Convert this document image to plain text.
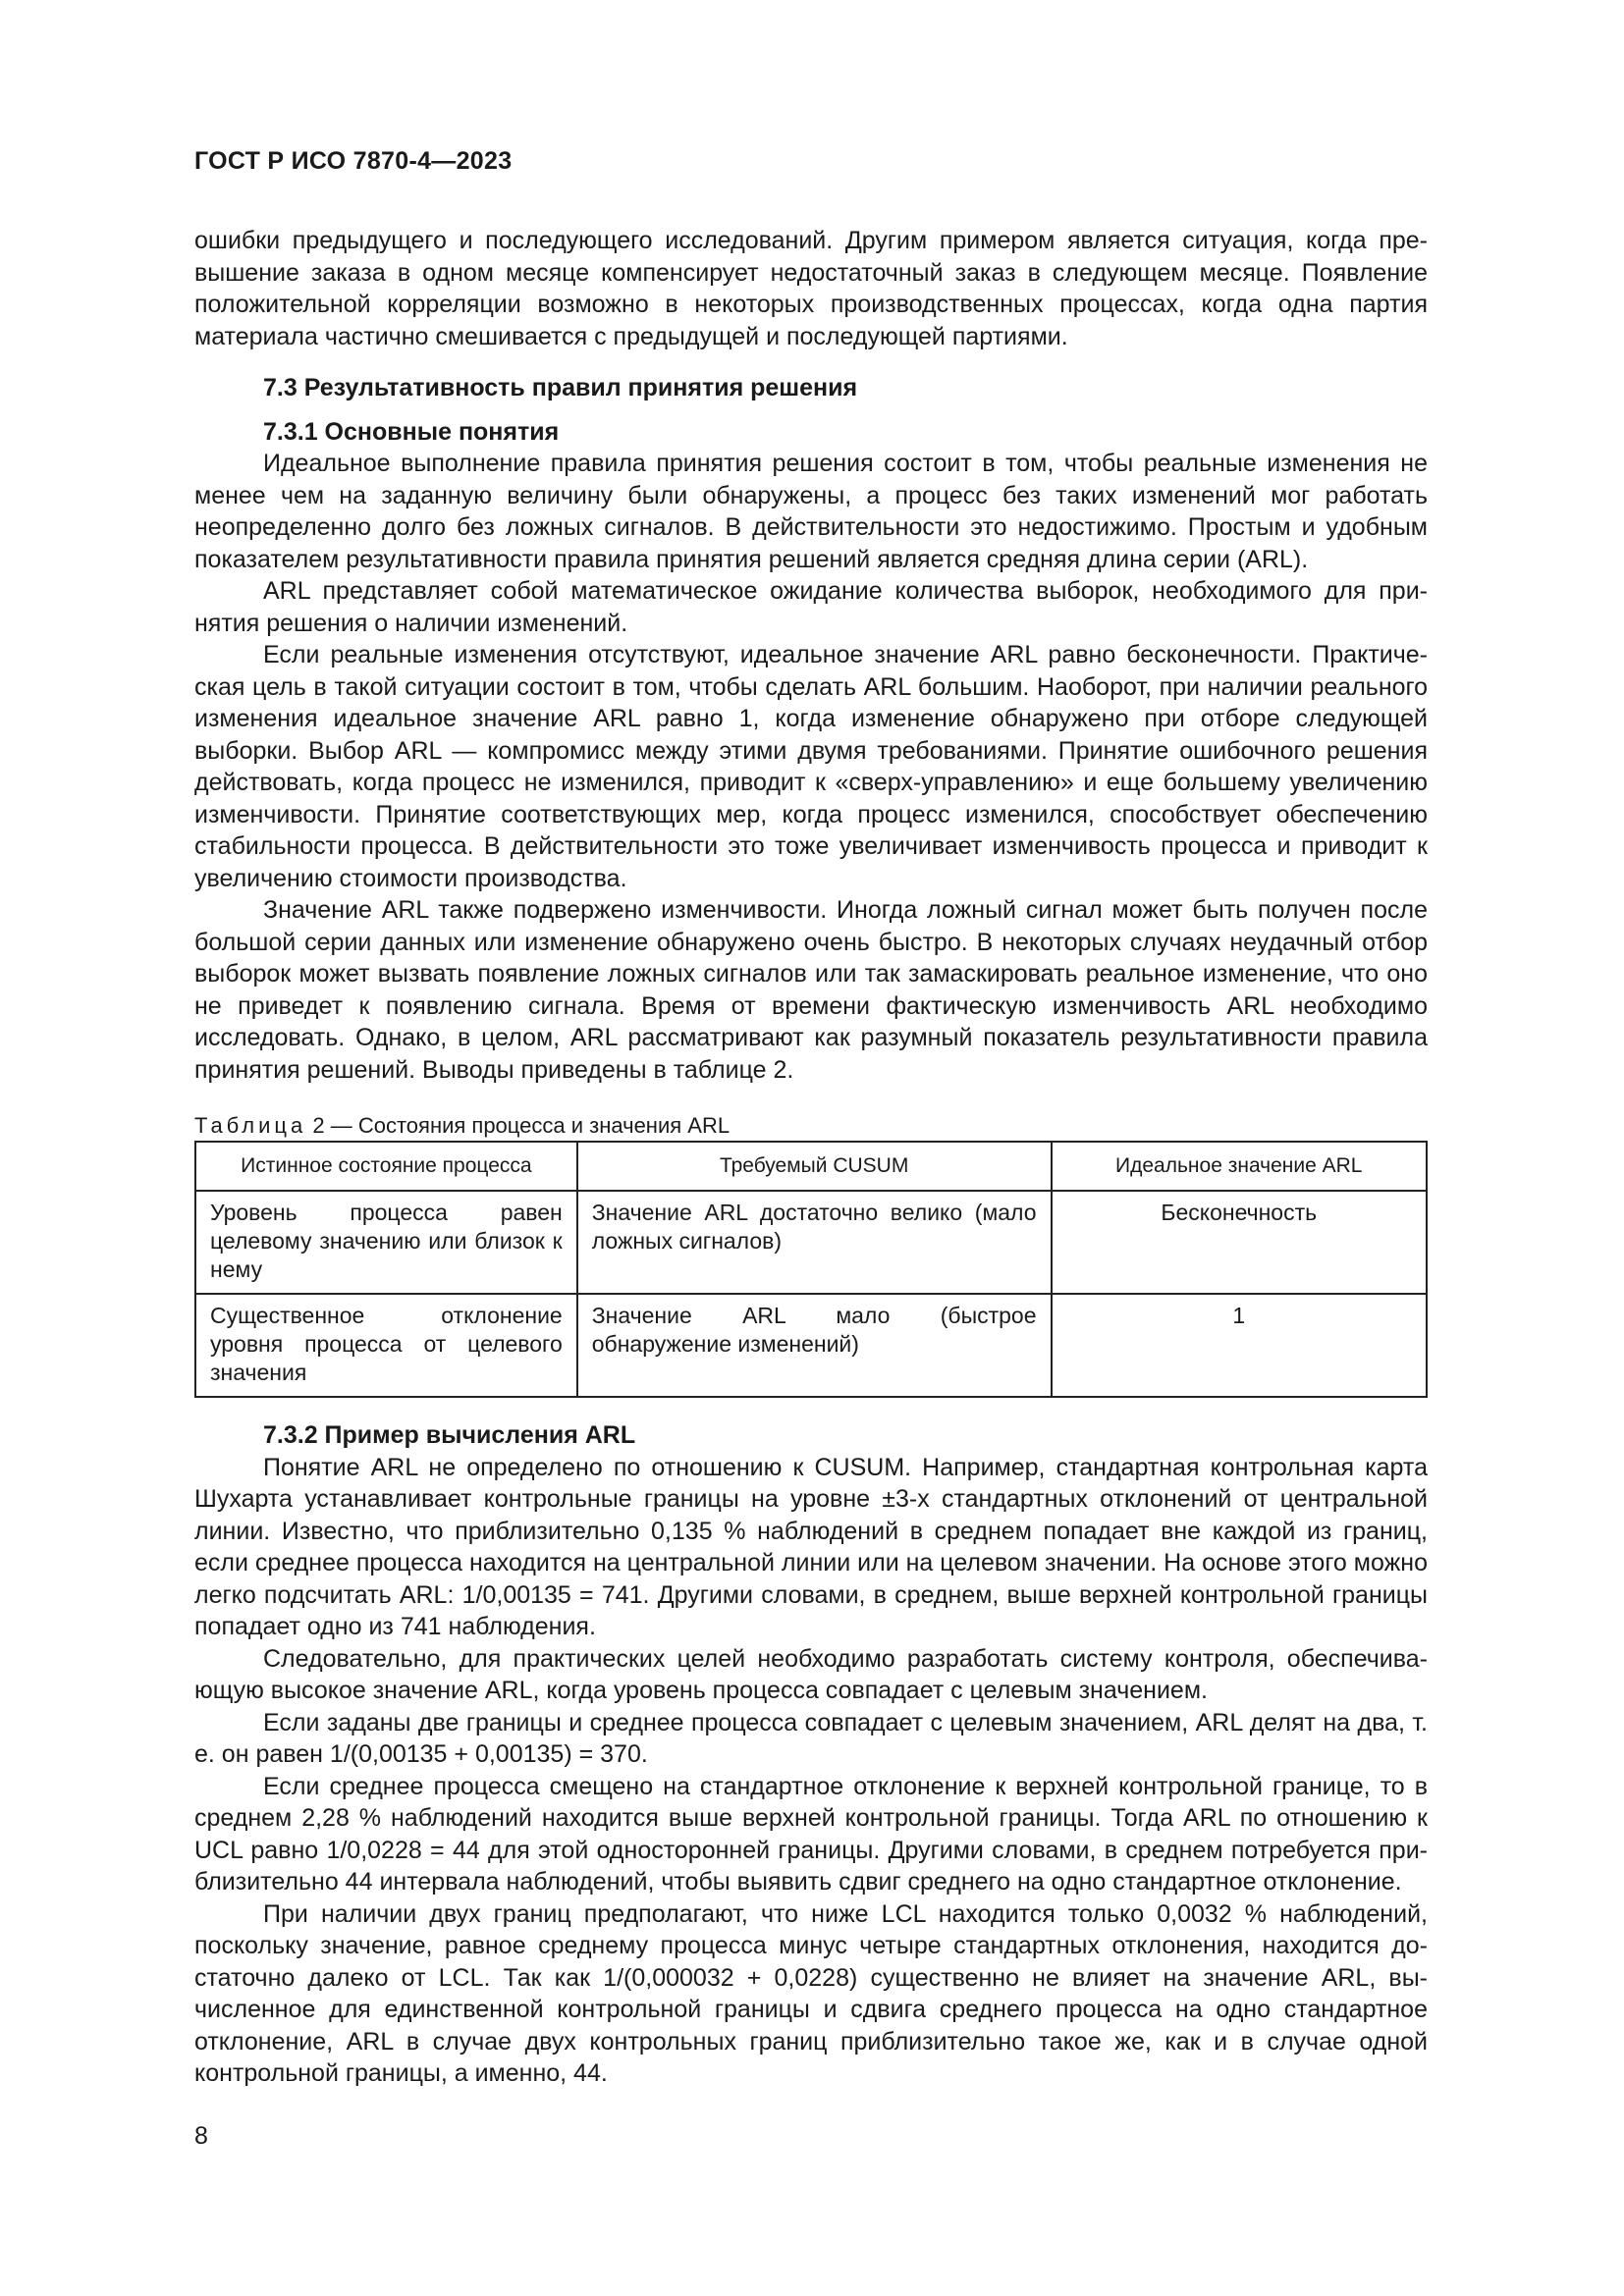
ГОСТ Р ИСО 7870-4—2023

ошибки предыдущего и последующего исследований. Другим примером является ситуация, когда превышение заказа в одном месяце компенсирует недостаточный заказ в следующем месяце. Появление положительной корреляции возможно в некоторых производственных процессах, когда одна партия материала частично смешивается с предыдущей и последующей партиями.

7.3 Результативность правил принятия решения
7.3.1 Основные понятия

Идеальное выполнение правила принятия решения состоит в том, чтобы реальные изменения не менее чем на заданную величину были обнаружены, а процесс без таких изменений мог работать неопределенно долго без ложных сигналов. В действительности это недостижимо. Простым и удобным показателем результативности правила принятия решений является средняя длина серии (ARL).

ARL представляет собой математическое ожидание количества выборок, необходимого для принятия решения о наличии изменений.

Если реальные изменения отсутствуют, идеальное значение ARL равно бесконечности. Практическая цель в такой ситуации состоит в том, чтобы сделать ARL большим. Наоборот, при наличии реального изменения идеальное значение ARL равно 1, когда изменение обнаружено при отборе следующей выборки. Выбор ARL — компромисс между этими двумя требованиями. Принятие ошибочного решения действовать, когда процесс не изменился, приводит к «сверх-управлению» и еще большему увеличению изменчивости. Принятие соответствующих мер, когда процесс изменился, способствует обеспечению стабильности процесса. В действительности это тоже увеличивает изменчивость процесса и приводит к увеличению стоимости производства.

Значение ARL также подвержено изменчивости. Иногда ложный сигнал может быть получен после большой серии данных или изменение обнаружено очень быстро. В некоторых случаях неудачный отбор выборок может вызвать появление ложных сигналов или так замаскировать реальное изменение, что оно не приведет к появлению сигнала. Время от времени фактическую изменчивость ARL необходимо исследовать. Однако, в целом, ARL рассматривают как разумный показатель результативности правила принятия решений. Выводы приведены в таблице 2.

Таблица 2 — Состояния процесса и значения ARL

Истинное состояние процесса	Требуемый CUSUM	Идеальное значение ARL
Уровень процесса равен целевому значению или близок к нему	Значение ARL достаточно велико (мало ложных сигналов)	Бесконечность
Существенное отклонение уровня процесса от целевого значения	Значение ARL мало (быстрое обнаружение изменений)	1
7.3.2 Пример вычисления ARL

Понятие ARL не определено по отношению к CUSUM. Например, стандартная контрольная карта Шухарта устанавливает контрольные границы на уровне ±3-х стандартных отклонений от центральной линии. Известно, что приблизительно 0,135 % наблюдений в среднем попадает вне каждой из границ, если среднее процесса находится на центральной линии или на целевом значении. На основе этого можно легко подсчитать ARL: 1/0,00135 = 741. Другими словами, в среднем, выше верхней контрольной границы попадает одно из 741 наблюдения.

Следовательно, для практических целей необходимо разработать систему контроля, обеспечивающую высокое значение ARL, когда уровень процесса совпадает с целевым значением.

Если заданы две границы и среднее процесса совпадает с целевым значением, ARL делят на два, т. е. он равен 1/(0,00135 + 0,00135) = 370.

Если среднее процесса смещено на стандартное отклонение к верхней контрольной границе, то в среднем 2,28 % наблюдений находится выше верхней контрольной границы. Тогда ARL по отношению к UCL равно 1/0,0228 = 44 для этой односторонней границы. Другими словами, в среднем потребуется приблизительно 44 интервала наблюдений, чтобы выявить сдвиг среднего на одно стандартное отклонение.

При наличии двух границ предполагают, что ниже LCL находится только 0,0032 % наблюдений, поскольку значение, равное среднему процесса минус четыре стандартных отклонения, находится достаточно далеко от LCL. Так как 1/(0,000032 + 0,0228) существенно не влияет на значение ARL, вычисленное для единственной контрольной границы и сдвига среднего процесса на одно стандартное отклонение, ARL в случае двух контрольных границ приблизительно такое же, как и в случае одной контрольной границы, а именно, 44.

8
